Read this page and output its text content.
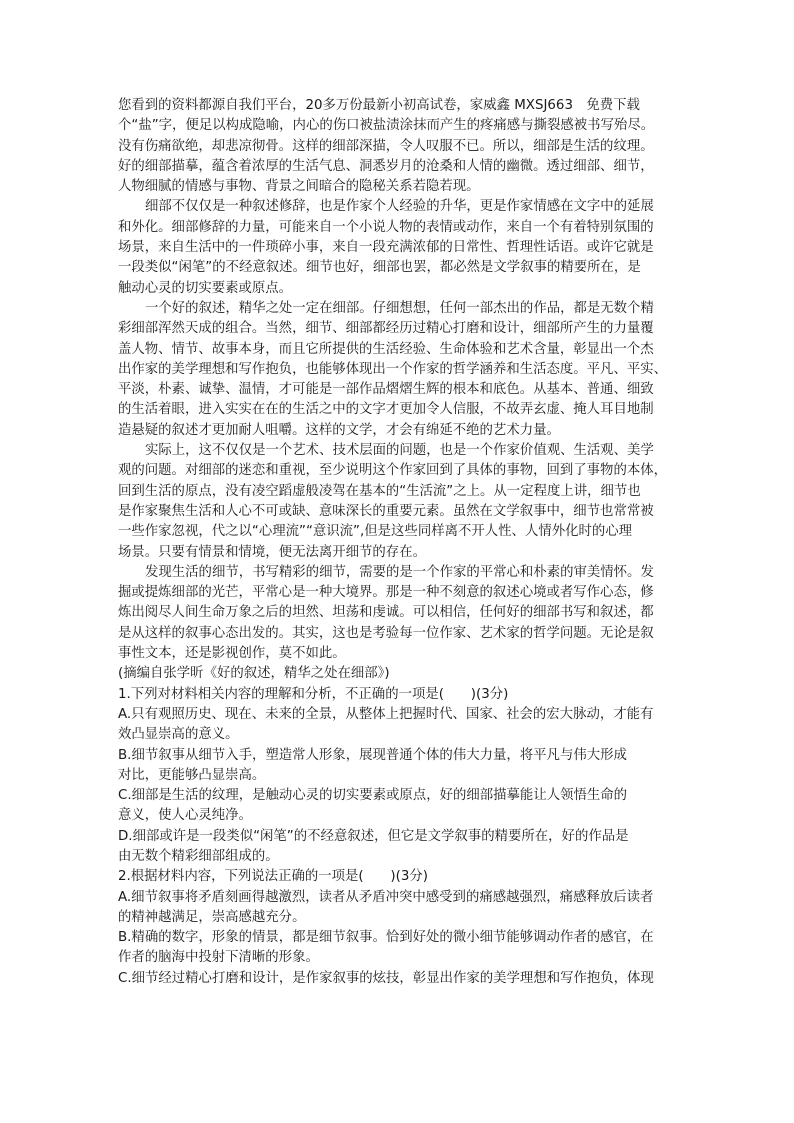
您看到的资料都源自我们平台，20多万份最新小初高试卷，家威鑫 MXSJ663　免费下载
个“盐”字，便足以构成隐喻，内心的伤口被盐渍涂抹而产生的疼痛感与撕裂感被书写殆尽。
没有伤痛欲绝，却悲凉彻骨。这样的细部深描，令人叹服不已。所以，细部是生活的纹理。
好的细部描摹，蕴含着浓厚的生活气息、洞悉岁月的沧桑和人情的幽微。透过细部、细节，
人物细腻的情感与事物、背景之间暗合的隐秘关系若隐若现。
细部不仅仅是一种叙述修辞，也是作家个人经验的升华，更是作家情感在文字中的延展
和外化。细部修辞的力量，可能来自一个小说人物的表情或动作，来自一个有着特别氛围的
场景，来自生活中的一件琐碎小事，来自一段充满浓郁的日常性、哲理性话语。或许它就是
一段类似“闲笔”的不经意叙述。细节也好，细部也罢，都必然是文学叙事的精要所在，是
触动心灵的切实要素或原点。
一个好的叙述，精华之处一定在细部。仔细想想，任何一部杰出的作品，都是无数个精
彩细部浑然天成的组合。当然，细节、细部都经历过精心打磨和设计，细部所产生的力量覆
盖人物、情节、故事本身，而且它所提供的生活经验、生命体验和艺术含量，彰显出一个杰
出作家的美学理想和写作抱负，也能够体现出一个作家的哲学涵养和生活态度。平凡、平实、
平淡，朴素、诚挚、温情，才可能是一部作品熠熠生辉的根本和底色。从基本、普通、细致
的生活着眼，进入实实在在的生活之中的文字才更加令人信服，不故弄玄虚、掩人耳目地制
造悬疑的叙述才更加耐人咀嚼。这样的文学，才会有绵延不绝的艺术力量。
实际上，这不仅仅是一个艺术、技术层面的问题，也是一个作家价值观、生活观、美学
观的问题。对细部的迷恋和重视，至少说明这个作家回到了具体的事物，回到了事物的本体，
回到生活的原点，没有凌空蹈虚般凌驾在基本的“生活流”之上。从一定程度上讲，细节也
是作家聚焦生活和人心不可或缺、意味深长的重要元素。虽然在文学叙事中，细节也常常被
一些作家忽视，代之以“心理流”“意识流”,但是这些同样离不开人性、人情外化时的心理
场景。只要有情景和情境，便无法离开细节的存在。
发现生活的细节，书写精彩的细节，需要的是一个作家的平常心和朴素的审美情怀。发
掘或提炼细部的光芒，平常心是一种大境界。那是一种不刻意的叙述心境或者写作心态，修
炼出阅尽人间生命万象之后的坦然、坦荡和虔诚。可以相信，任何好的细部书写和叙述，都
是从这样的叙事心态出发的。其实，这也是考验每一位作家、艺术家的哲学问题。无论是叙
事性文本，还是影视创作，莫不如此。
(摘编自张学昕《好的叙述，精华之处在细部》)
1.下列对材料相关内容的理解和分析，不正确的一项是(　　)(3分)
A.只有观照历史、现在、未来的全景，从整体上把握时代、国家、社会的宏大脉动，才能有
效凸显崇高的意义。
B.细节叙事从细节入手，塑造常人形象，展现普通个体的伟大力量，将平凡与伟大形成
对比，更能够凸显崇高。
C.细部是生活的纹理，是触动心灵的切实要素或原点，好的细部描摹能让人领悟生命的
意义，使人心灵纯净。
D.细部或许是一段类似“闲笔”的不经意叙述，但它是文学叙事的精要所在，好的作品是
由无数个精彩细部组成的。
2.根据材料内容，下列说法正确的一项是(　　)(3分)
A.细节叙事将矛盾刻画得越激烈，读者从矛盾冲突中感受到的痛感越强烈，痛感释放后读者
的精神越满足，崇高感越充分。
B.精确的数字，形象的情景，都是细节叙事。恰到好处的微小细节能够调动作者的感官，在
作者的脑海中投射下清晰的形象。
C.细节经过精心打磨和设计，是作家叙事的炫技，彰显出作家的美学理想和写作抱负，体现
